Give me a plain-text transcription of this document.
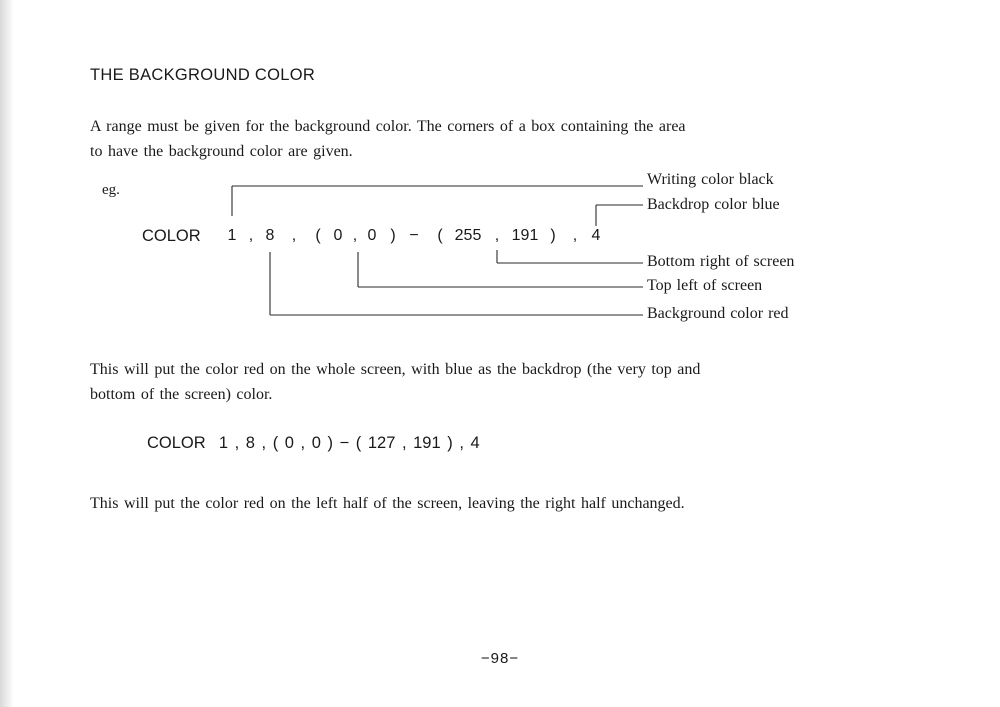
THE BACKGROUND COLOR
A range must be given for the background color. The corners of a box containing the area
to have the background color are given.
eg.
COLOR 1 , 8 , ( 0 , 0 ) − ( 255 , 191 ) , 4
Writing color black
Backdrop color blue
Bottom right of screen
Top left of screen
Background color red
This will put the color red on the whole screen, with blue as the backdrop (the very top and
bottom of the screen) color.
COLOR  1 , 8 , ( 0 , 0 ) − ( 127 , 191 ) , 4
This will put the color red on the left half of the screen, leaving the right half unchanged.
−98−
